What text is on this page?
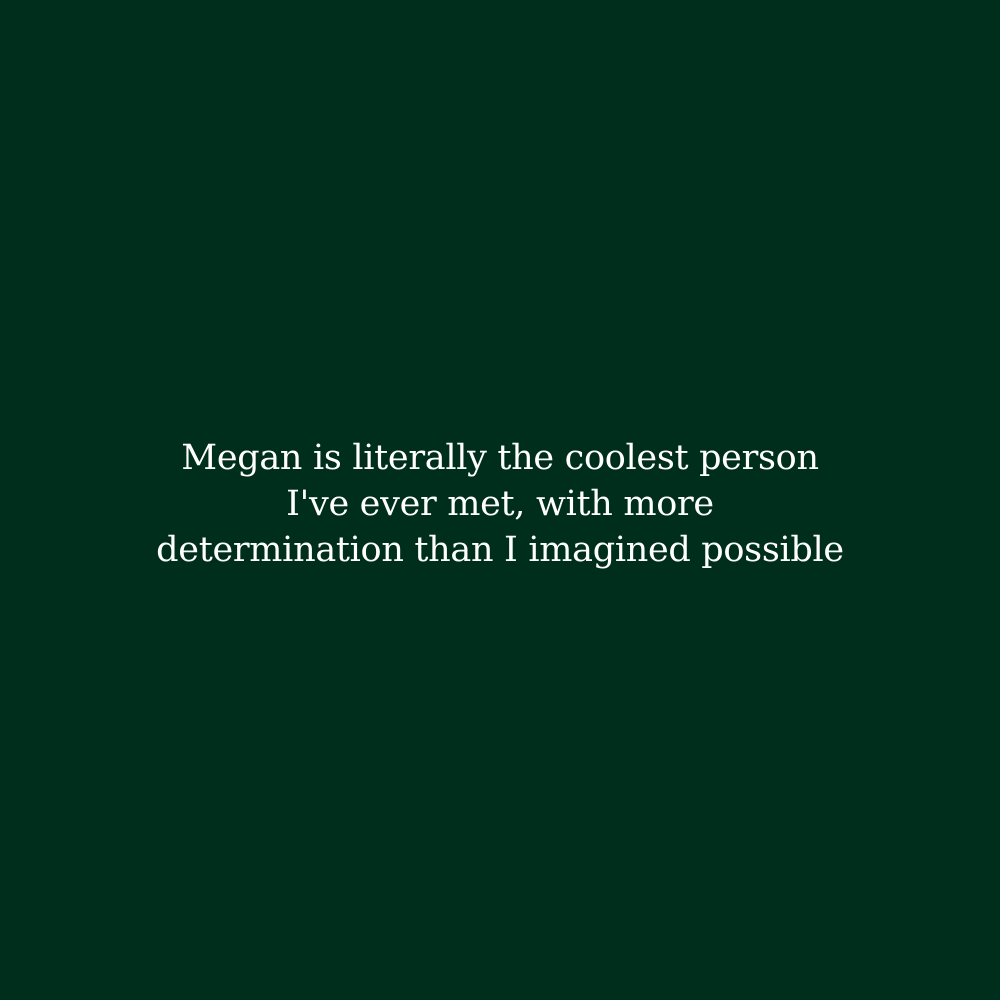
Megan is literally the coolest person
I've ever met, with more
determination than I imagined possible
